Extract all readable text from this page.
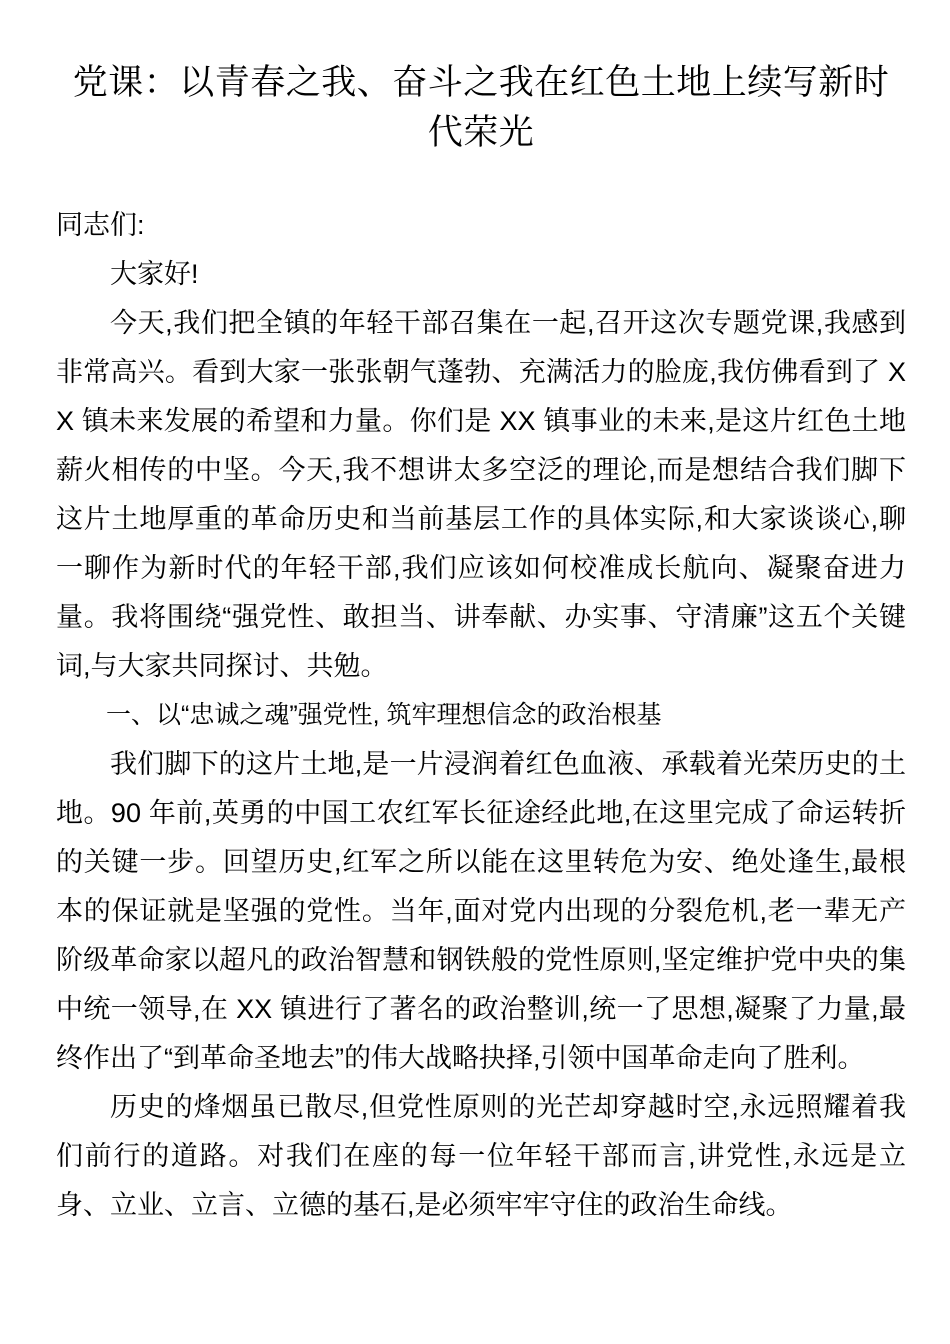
党课：以青春之我、奋斗之我在红色土地上续写新时代荣光

同志们:

大家好!

今天,我们把全镇的年轻干部召集在一起,召开这次专题党课,我感到非常高兴。看到大家一张张朝气蓬勃、充满活力的脸庞,我仿佛看到了 XX 镇未来发展的希望和力量。你们是 XX 镇事业的未来,是这片红色土地薪火相传的中坚。今天,我不想讲太多空泛的理论,而是想结合我们脚下这片土地厚重的革命历史和当前基层工作的具体实际,和大家谈谈心,聊一聊作为新时代的年轻干部,我们应该如何校准成长航向、凝聚奋进力量。我将围绕“强党性、敢担当、讲奉献、办实事、守清廉”这五个关键词,与大家共同探讨、共勉。

一、以“忠诚之魂”强党性, 筑牢理想信念的政治根基

我们脚下的这片土地,是一片浸润着红色血液、承载着光荣历史的土地。90 年前,英勇的中国工农红军长征途经此地,在这里完成了命运转折的关键一步。回望历史,红军之所以能在这里转危为安、绝处逢生,最根本的保证就是坚强的党性。当年,面对党内出现的分裂危机,老一辈无产阶级革命家以超凡的政治智慧和钢铁般的党性原则,坚定维护党中央的集中统一领导,在 XX 镇进行了著名的政治整训,统一了思想,凝聚了力量,最终作出了“到革命圣地去”的伟大战略抉择,引领中国革命走向了胜利。

历史的烽烟虽已散尽,但党性原则的光芒却穿越时空,永远照耀着我们前行的道路。对我们在座的每一位年轻干部而言,讲党性,永远是立身、立业、立言、立德的基石,是必须牢牢守住的政治生命线。
